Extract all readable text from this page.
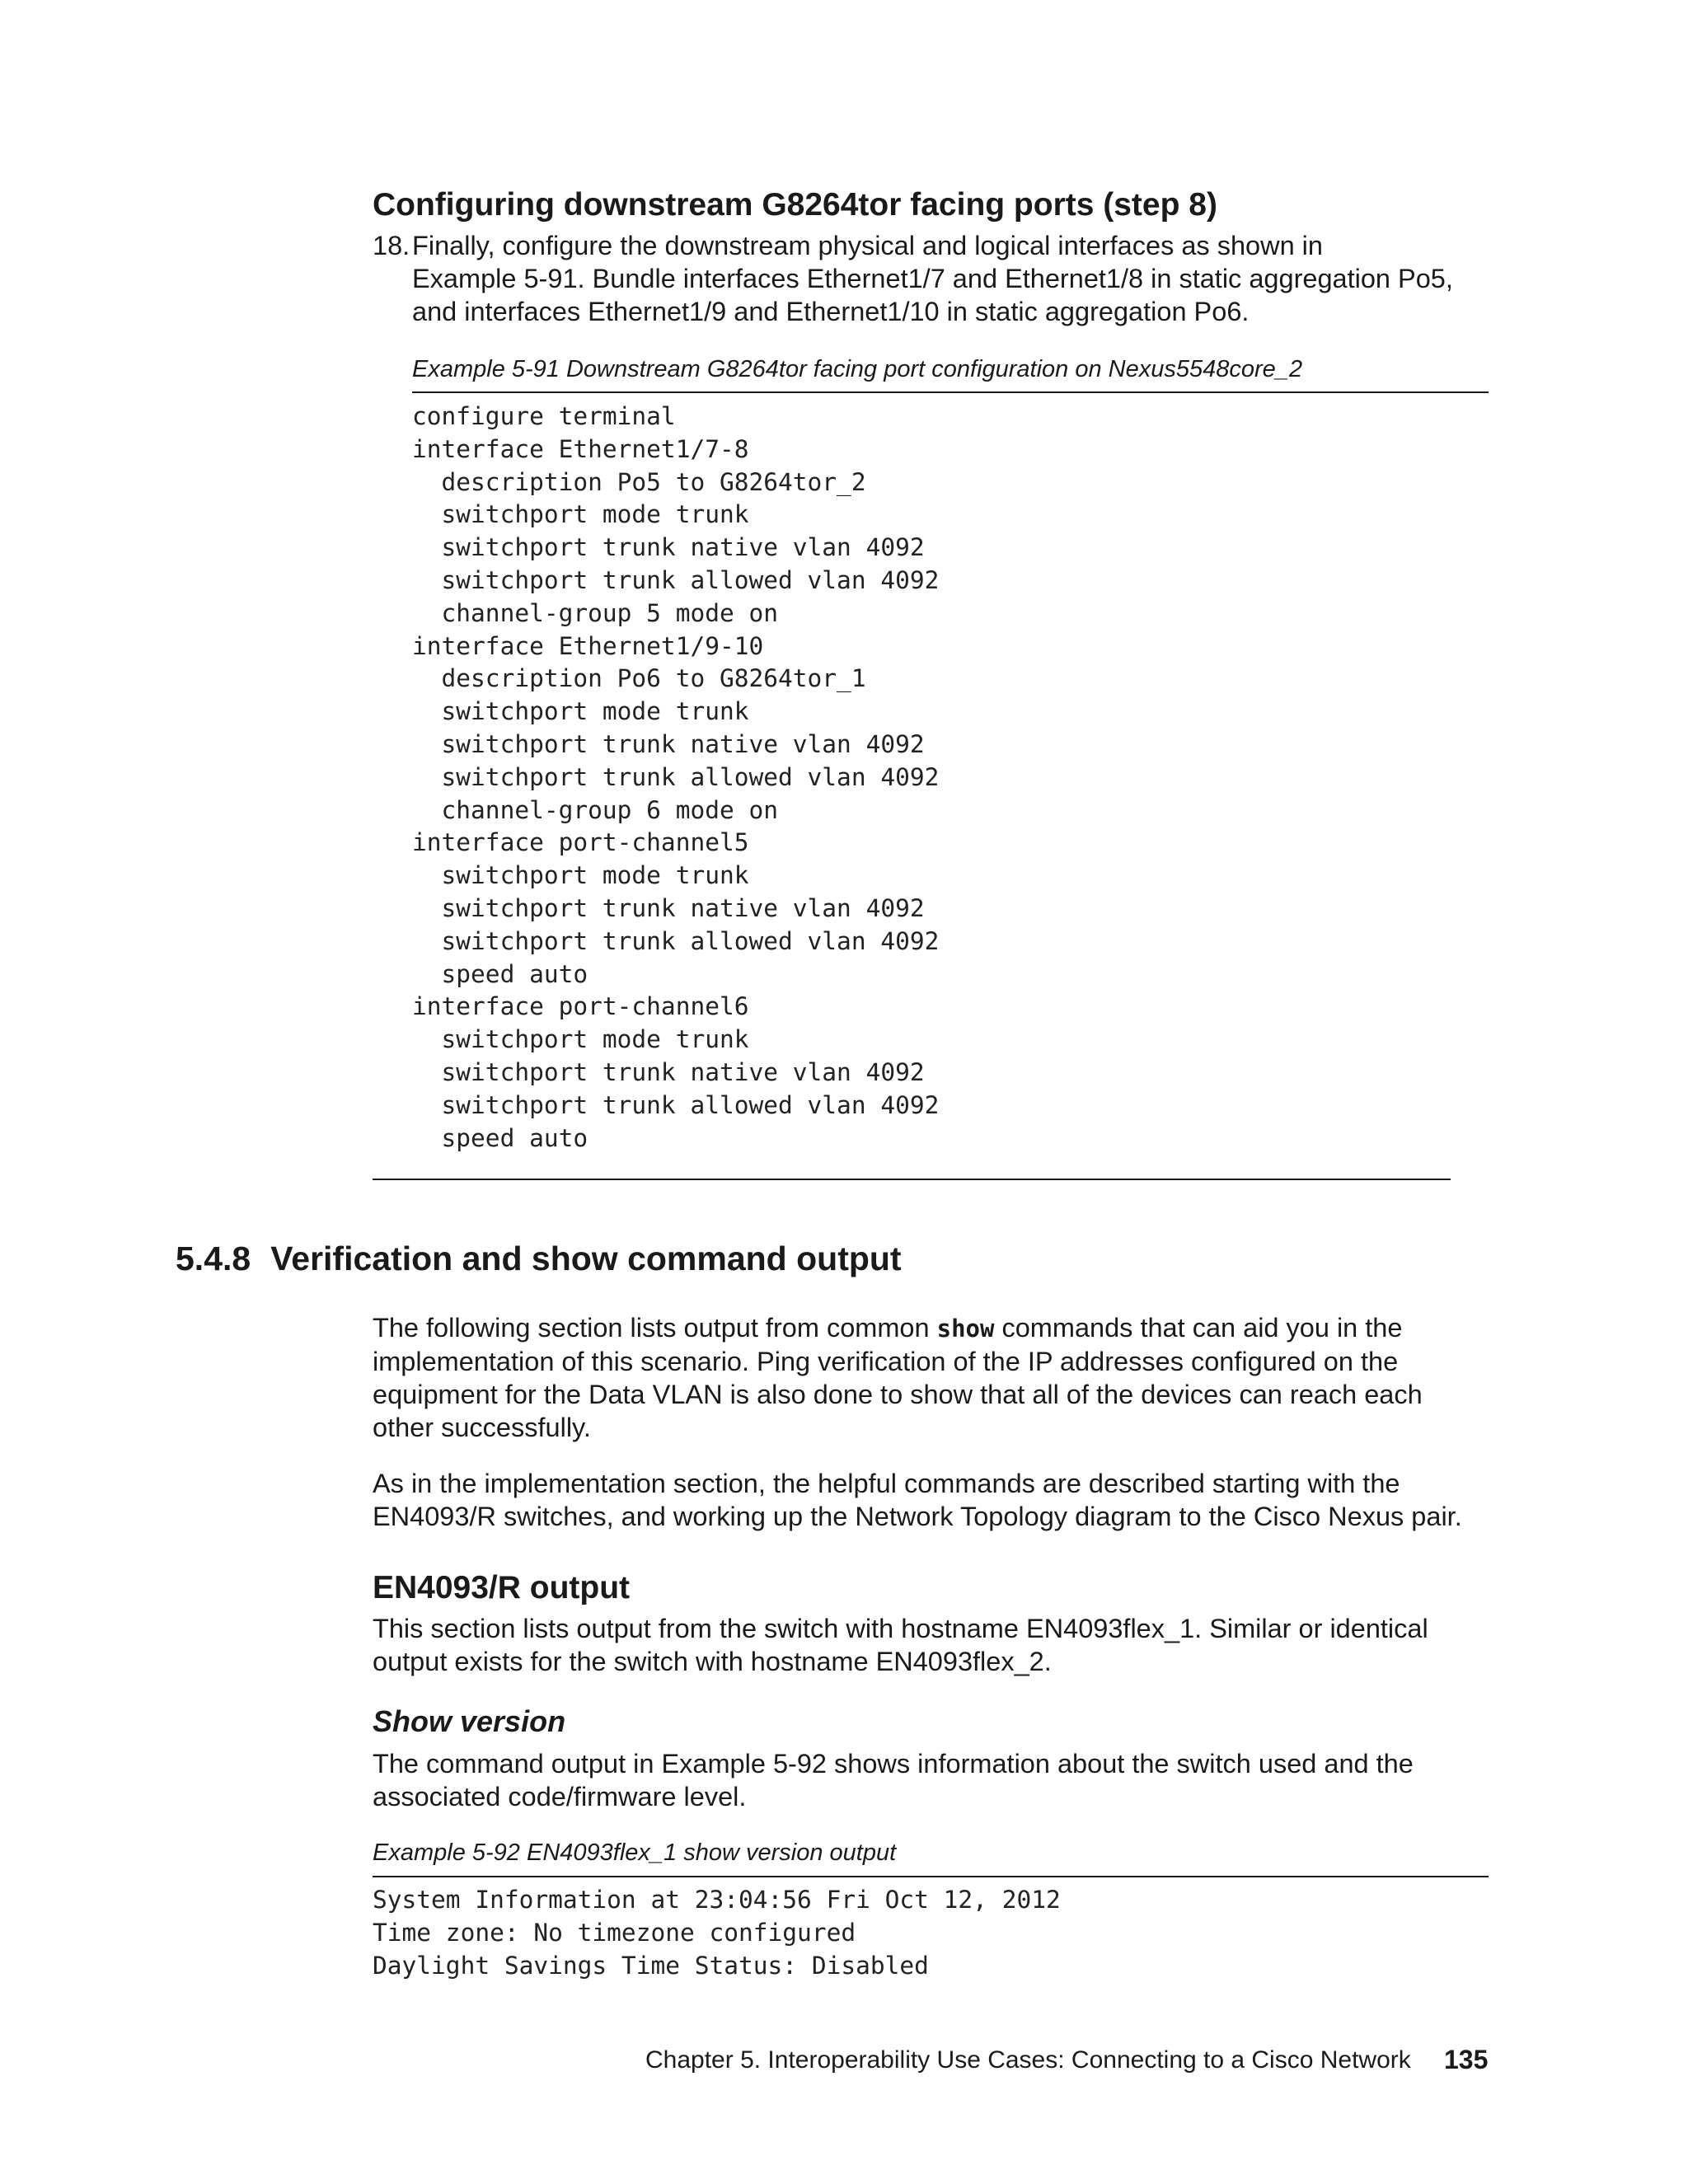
Configuring downstream G8264tor facing ports (step 8)
18. Finally, configure the downstream physical and logical interfaces as shown in
Example 5-91. Bundle interfaces Ethernet1/7 and Ethernet1/8 in static aggregation Po5,
and interfaces Ethernet1/9 and Ethernet1/10 in static aggregation Po6.
Example 5-91 Downstream G8264tor facing port configuration on Nexus5548core_2
configure terminal
interface Ethernet1/7-8
description Po5 to G8264tor_2
switchport mode trunk
switchport trunk native vlan 4092
switchport trunk allowed vlan 4092
channel-group 5 mode on
interface Ethernet1/9-10
description Po6 to G8264tor_1
switchport mode trunk
switchport trunk native vlan 4092
switchport trunk allowed vlan 4092
channel-group 6 mode on
interface port-channel5
switchport mode trunk
switchport trunk native vlan 4092
switchport trunk allowed vlan 4092
speed auto
interface port-channel6
switchport mode trunk
switchport trunk native vlan 4092
switchport trunk allowed vlan 4092
speed auto
5.4.8 Verification and show command output
The following section lists output from common show commands that can aid you in the
implementation of this scenario. Ping verification of the IP addresses configured on the
equipment for the Data VLAN is also done to show that all of the devices can reach each
other successfully.
As in the implementation section, the helpful commands are described starting with the
EN4093/R switches, and working up the Network Topology diagram to the Cisco Nexus pair.
EN4093/R output
This section lists output from the switch with hostname EN4093flex_1. Similar or identical
output exists for the switch with hostname EN4093flex_2.
Show version
The command output in Example 5-92 shows information about the switch used and the
associated code/firmware level.
Example 5-92 EN4093flex_1 show version output
System Information at 23:04:56 Fri Oct 12, 2012
Time zone: No timezone configured
Daylight Savings Time Status: Disabled
Chapter 5. Interoperability Use Cases: Connecting to a Cisco Network 135
